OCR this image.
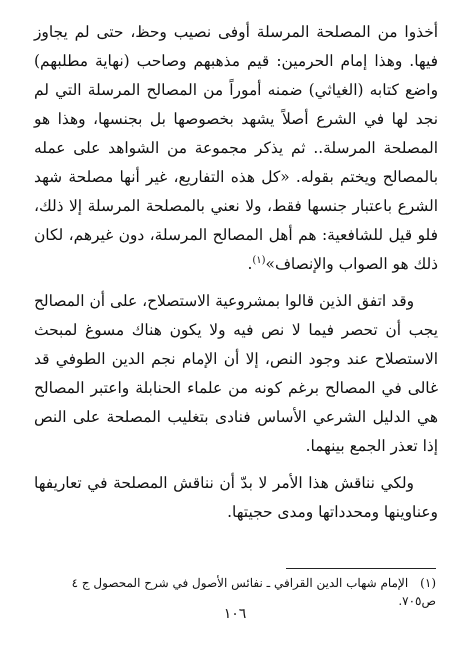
أخذوا من المصلحة المرسلة أوفى نصيب وحظ، حتى لم يجاوز فيها. وهذا إمام الحرمين: قيم مذهبهم وصاحب (نهاية مطلبهم) واضع كتابه (الغياثي) ضمنه أموراً من المصالح المرسلة التي لم نجد لها في الشرع أصلاً يشهد بخصوصها بل بجنسها، وهذا هو المصلحة المرسلة.. ثم يذكر مجموعة من الشواهد على عمله بالمصالح ويختم بقوله. «كل هذه التفاريع، غير أنها مصلحة شهد الشرع باعتبار جنسها فقط، ولا نعني بالمصلحة المرسلة إلا ذلك، فلو قيل للشافعية: هم أهل المصالح المرسلة، دون غيرهم، لكان ذلك هو الصواب والإنصاف»$^{(١)}$.

وقد اتفق الذين قالوا بمشروعية الاستصلاح، على أن المصالح يجب أن تحصر فيما لا نص فيه ولا يكون هناك مسوغ لمبحث الاستصلاح عند وجود النص، إلا أن الإمام نجم الدين الطوفي قد غالى في المصالح برغم كونه من علماء الحنابلة واعتبر المصالح هي الدليل الشرعي الأساس فنادى بتغليب المصلحة على النص إذا تعذر الجمع بينهما.

ولكي نناقش هذا الأمر لا بدّ أن نناقش المصلحة في تعاريفها وعناوينها ومحدداتها ومدى حجيتها.

(١)الإمام شهاب الدين القرافي ـ نفائس الأصول في شرح المحصول ج ٤ ص٧٠٥.
١٠٦
